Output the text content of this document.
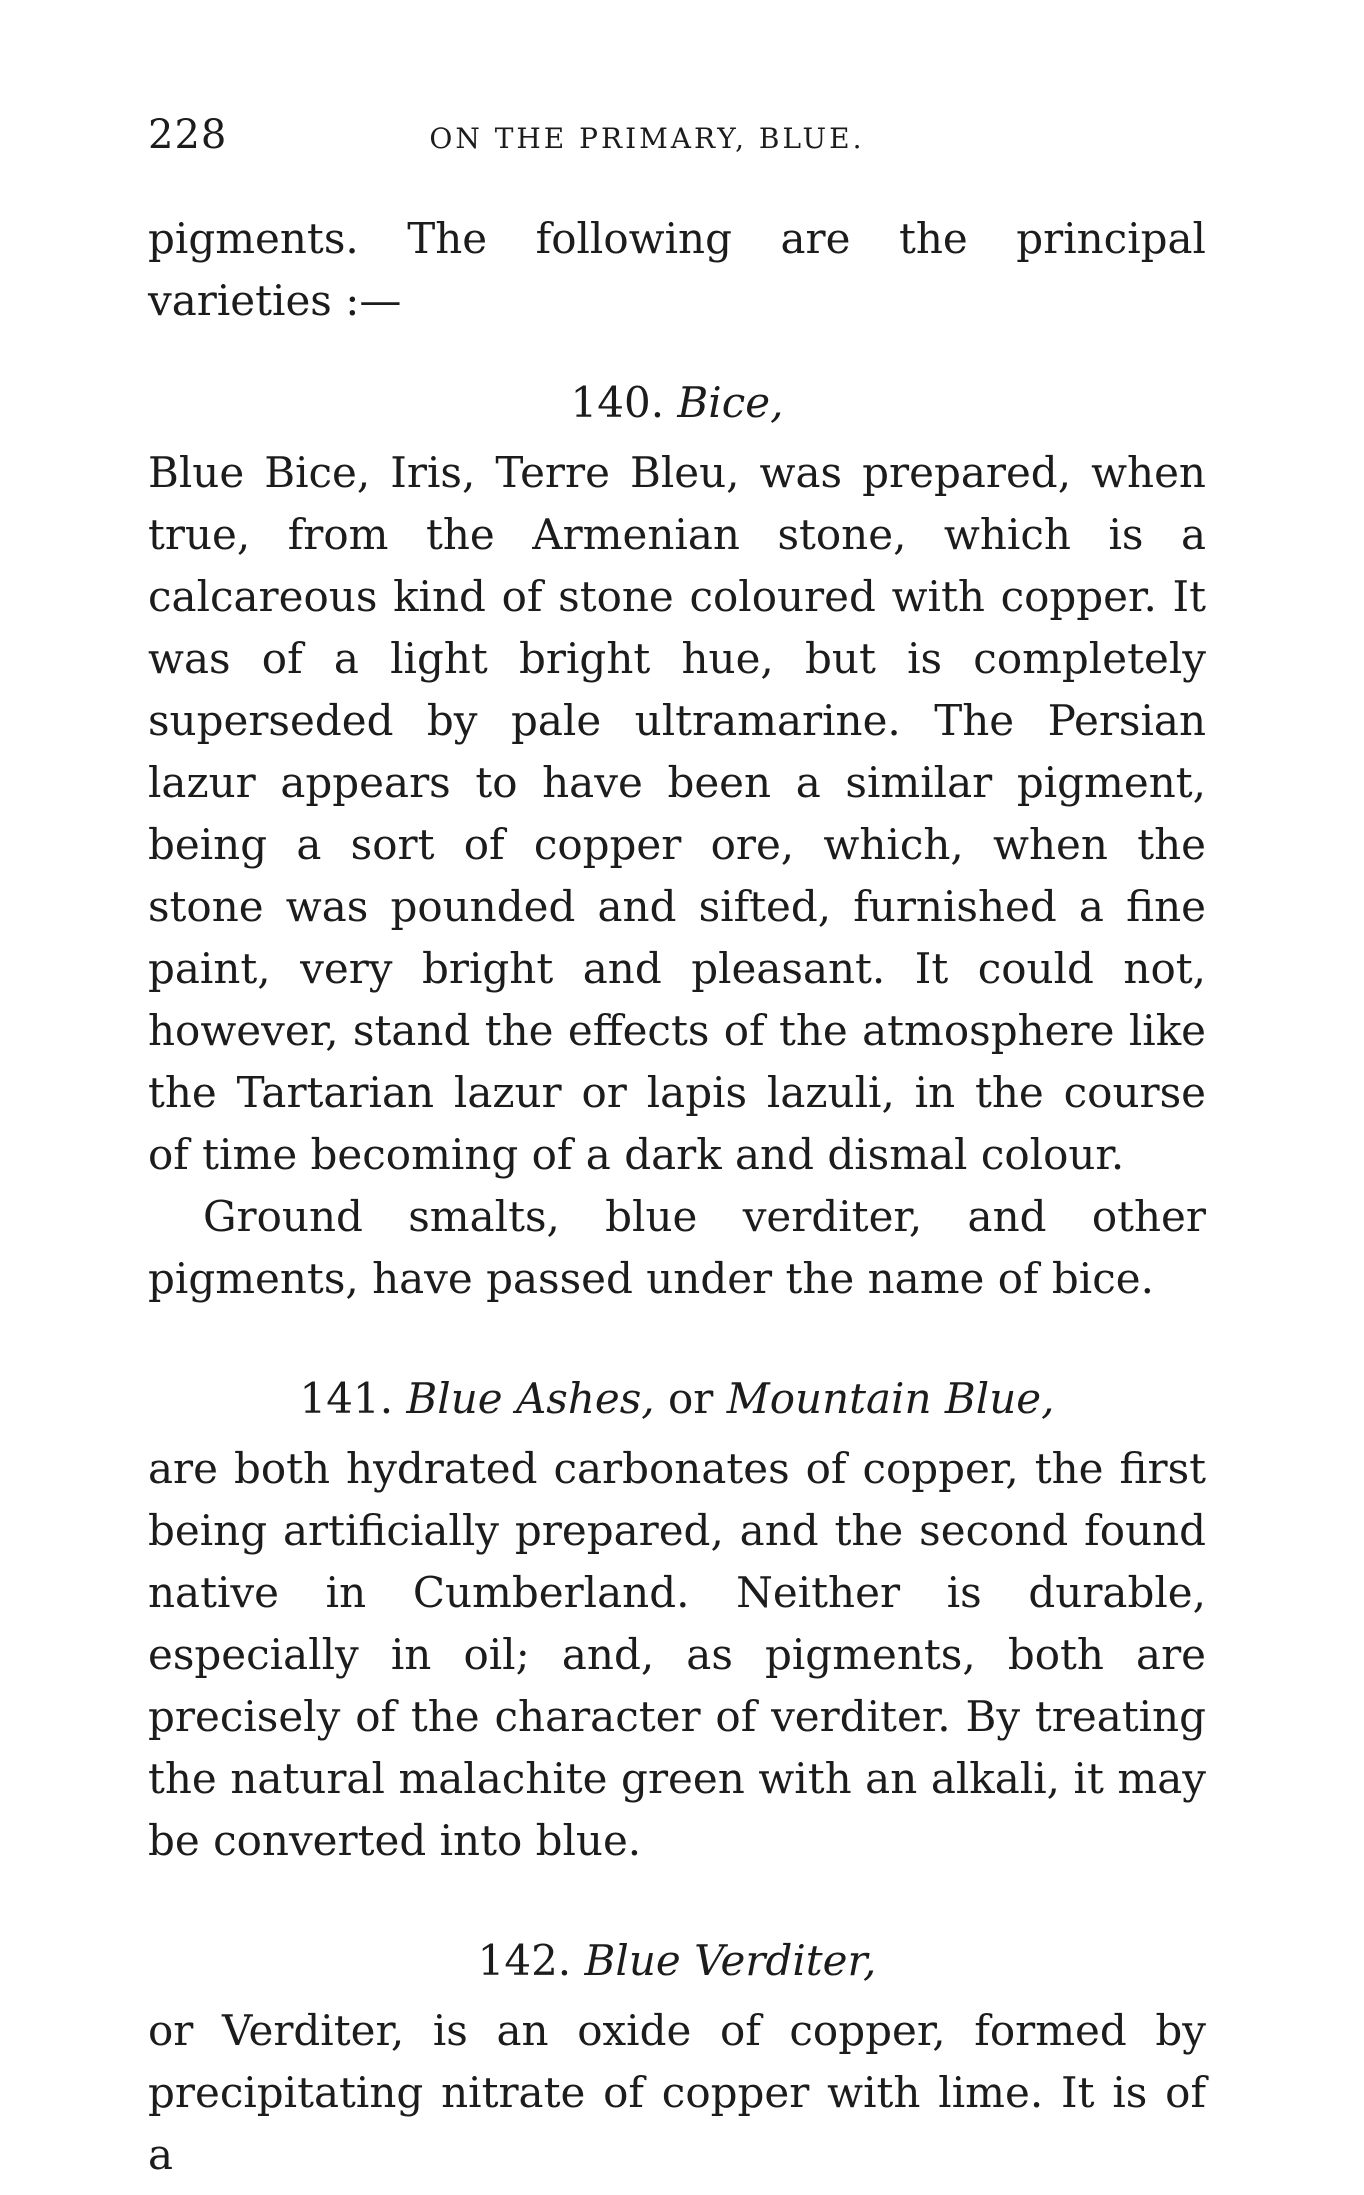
228	ON THE PRIMARY, BLUE.

pigments. The following are the principal varieties :—

140. Bice,

Blue Bice, Iris, Terre Bleu, was prepared, when true, from the Armenian stone, which is a calcareous kind of stone coloured with copper. It was of a light bright hue, but is completely superseded by pale ultramarine. The Persian lazur appears to have been a similar pigment, being a sort of copper ore, which, when the stone was pounded and sifted, furnished a fine paint, very bright and pleasant. It could not, however, stand the effects of the atmosphere like the Tartarian lazur or lapis lazuli, in the course of time becoming of a dark and dismal colour.

Ground smalts, blue verditer, and other pigments, have passed under the name of bice.

141. Blue Ashes, or Mountain Blue,

are both hydrated carbonates of copper, the first being artificially prepared, and the second found native in Cumberland. Neither is durable, especially in oil; and, as pigments, both are precisely of the character of verditer. By treating the natural malachite green with an alkali, it may be converted into blue.

142. Blue Verditer,

or Verditer, is an oxide of copper, formed by precipitating nitrate of copper with lime. It is of a
